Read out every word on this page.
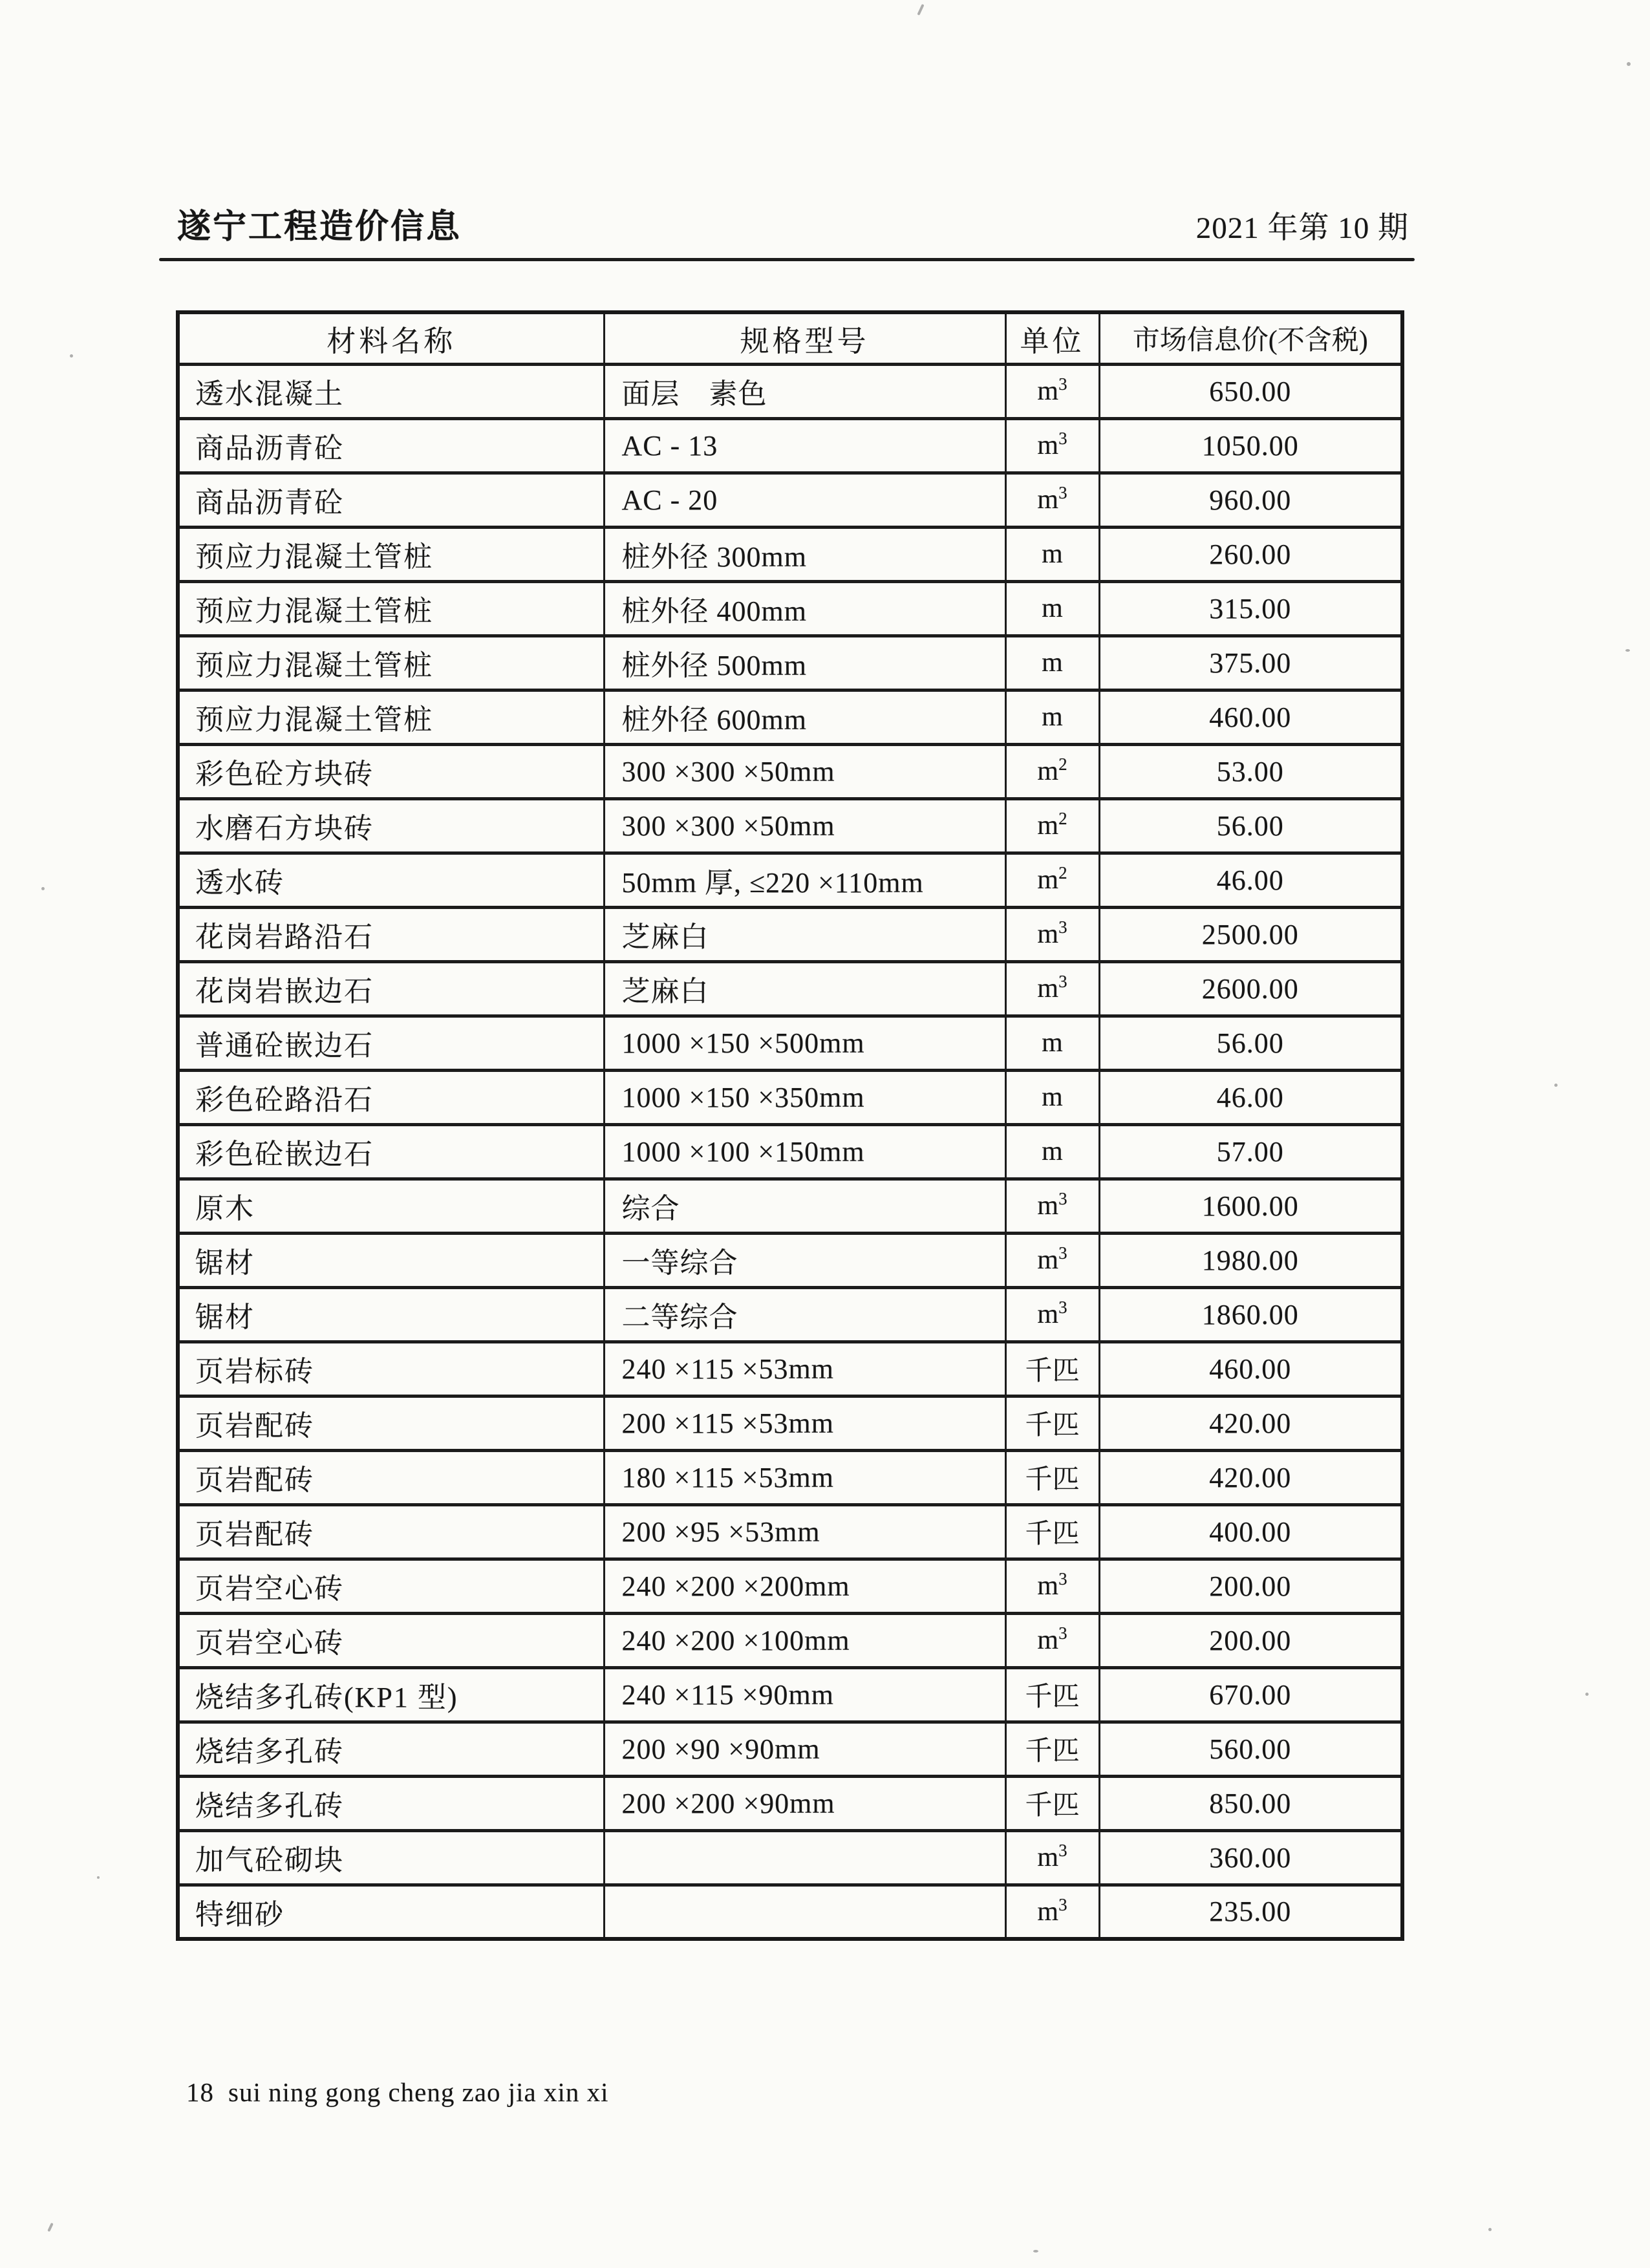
遂宁工程造价信息	2021 年第 10 期
材料名称	规格型号	单位	市场信息价(不含税)
透水混凝土	面层　素色	$m^3$	650.00
商品沥青砼	AC - 13	$m^3$	1050.00
商品沥青砼	AC - 20	$m^3$	960.00
预应力混凝土管桩	桩外径 300mm	m	260.00
预应力混凝土管桩	桩外径 400mm	m	315.00
预应力混凝土管桩	桩外径 500mm	m	375.00
预应力混凝土管桩	桩外径 600mm	m	460.00
彩色砼方块砖	300 ×300 ×50mm	$m^2$	53.00
水磨石方块砖	300 ×300 ×50mm	$m^2$	56.00
透水砖	50mm 厚, ≤220 ×110mm	$m^2$	46.00
花岗岩路沿石	芝麻白	$m^3$	2500.00
花岗岩嵌边石	芝麻白	$m^3$	2600.00
普通砼嵌边石	1000 ×150 ×500mm	m	56.00
彩色砼路沿石	1000 ×150 ×350mm	m	46.00
彩色砼嵌边石	1000 ×100 ×150mm	m	57.00
原木	综合	$m^3$	1600.00
锯材	一等综合	$m^3$	1980.00
锯材	二等综合	$m^3$	1860.00
页岩标砖	240 ×115 ×53mm	千匹	460.00
页岩配砖	200 ×115 ×53mm	千匹	420.00
页岩配砖	180 ×115 ×53mm	千匹	420.00
页岩配砖	200 ×95 ×53mm	千匹	400.00
页岩空心砖	240 ×200 ×200mm	$m^3$	200.00
页岩空心砖	240 ×200 ×100mm	$m^3$	200.00
烧结多孔砖(KP1 型)	240 ×115 ×90mm	千匹	670.00
烧结多孔砖	200 ×90 ×90mm	千匹	560.00
烧结多孔砖	200 ×200 ×90mm	千匹	850.00
加气砼砌块		$m^3$	360.00
特细砂		$m^3$	235.00
18 sui ning gong cheng zao jia xin xi
